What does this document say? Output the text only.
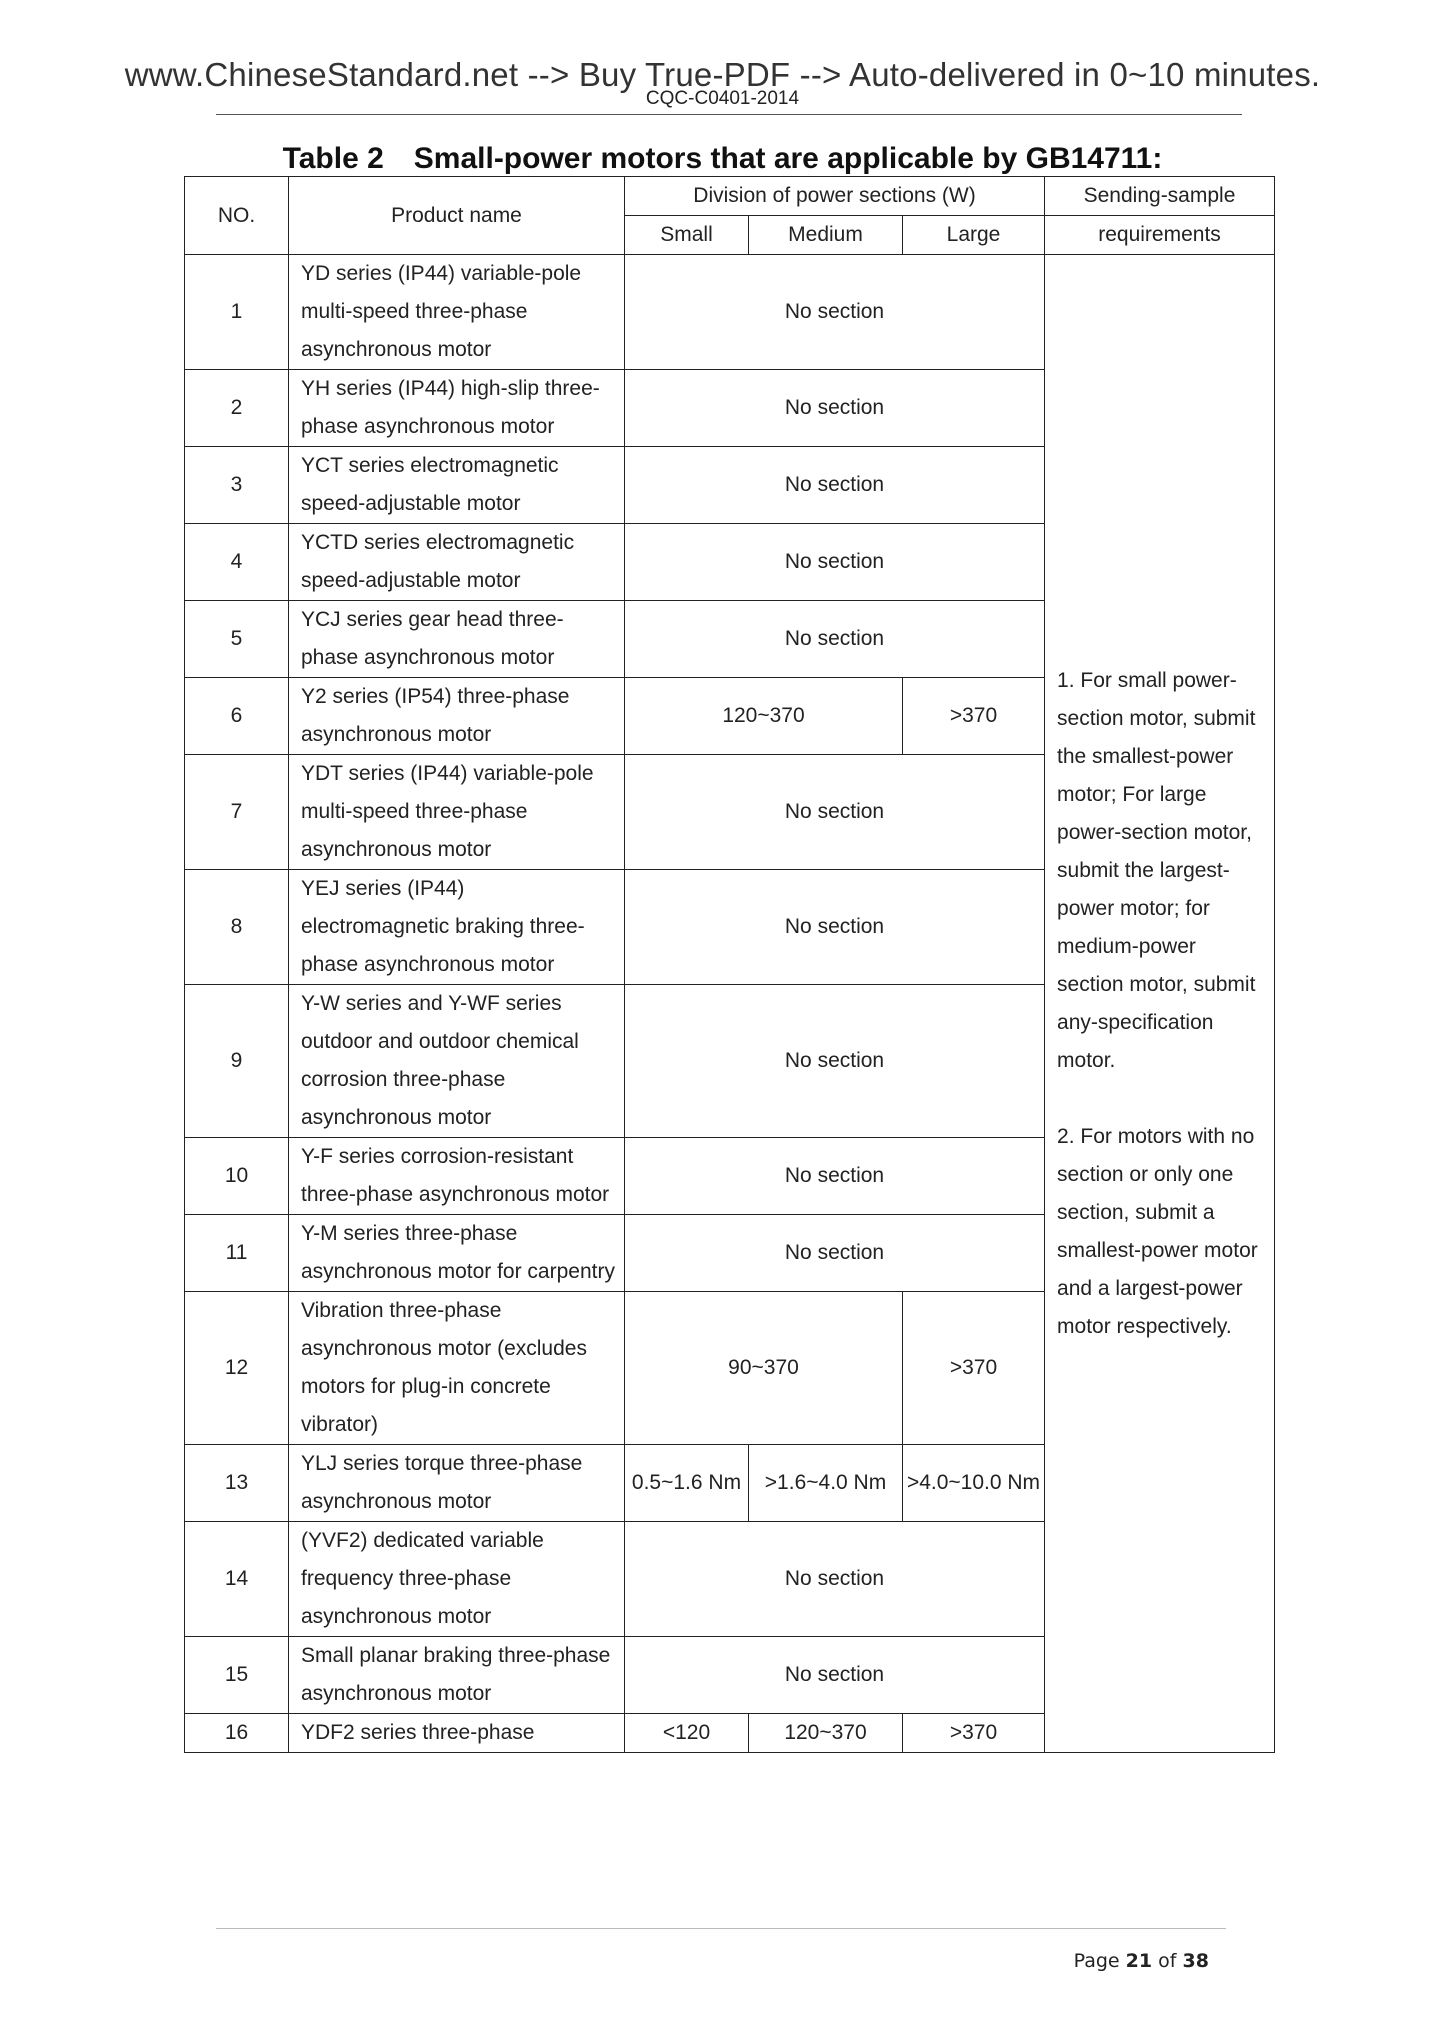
www.ChineseStandard.net --> Buy True-PDF --> Auto-delivered in 0~10 minutes.
CQC-C0401-2014
Table 2 Small-power motors that are applicable by GB14711:
NO.	Product name	Division of power sections (W)			Sending-sample
		Small	Medium	Large	requirements
1	YD series (IP44) variable-pole multi-speed three-phase asynchronous motor	No section			1. For small power-section motor, submit the smallest-power motor; For large power-section motor, submit the largest-power motor; for medium-power section motor, submit any-specification motor.

2. For motors with no section or only one section, submit a smallest-power motor and a largest-power motor respectively.
2	YH series (IP44) high-slip three-phase asynchronous motor	No section			
3	YCT series electromagnetic speed-adjustable motor	No section			
4	YCTD series electromagnetic speed-adjustable motor	No section			
5	YCJ series gear head three-phase asynchronous motor	No section			
6	Y2 series (IP54) three-phase asynchronous motor	120~370		>370	
7	YDT series (IP44) variable-pole multi-speed three-phase asynchronous motor	No section			
8	YEJ series (IP44) electromagnetic braking three-phase asynchronous motor	No section			
9	Y-W series and Y-WF series outdoor and outdoor chemical corrosion three-phase asynchronous motor	No section			
10	Y-F series corrosion-resistant three-phase asynchronous motor	No section			
11	Y-M series three-phase asynchronous motor for carpentry	No section			
12	Vibration three-phase asynchronous motor (excludes motors for plug-in concrete vibrator)	90~370		>370	
13	YLJ series torque three-phase asynchronous motor	0.5~1.6 Nm	>1.6~4.0 Nm	>4.0~10.0 Nm	
14	(YVF2) dedicated variable frequency three-phase asynchronous motor	No section			
15	Small planar braking three-phase asynchronous motor	No section			
16	YDF2 series three-phase	<120	120~370	>370	
Page 21 of 38
